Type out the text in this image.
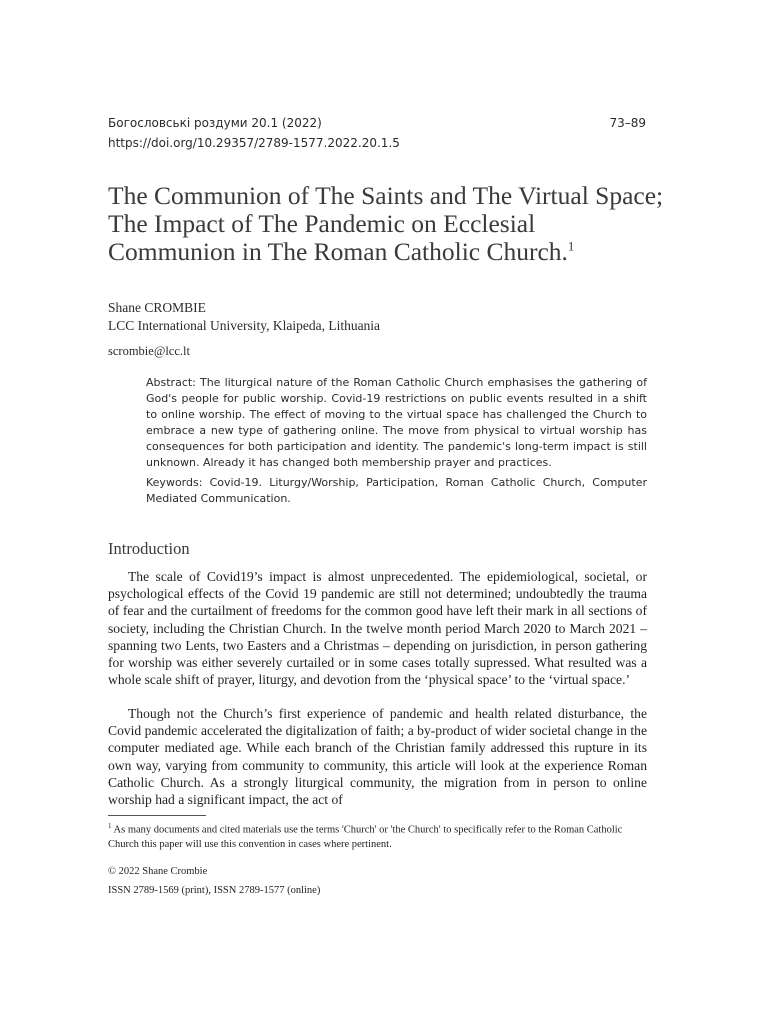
Богословські роздуми 20.1 (2022)	73–89
https://doi.org/10.29357/2789-1577.2022.20.1.5
The Communion of The Saints and The Virtual Space; The Impact of The Pandemic on Ecclesial Communion in The Roman Catholic Church.$^1$
Shane CROMBIE
LCC International University, Klaipeda, Lithuania
scrombie@lcc.lt

Abstract: The liturgical nature of the Roman Catholic Church emphasises the gathering of God's people for public worship. Covid-19 restrictions on public events resulted in a shift to online worship. The effect of moving to the virtual space has challenged the Church to embrace a new type of gathering online. The move from physical to virtual worship has consequences for both participation and identity. The pandemic's long-term impact is still unknown. Already it has changed both membership prayer and practices.

Keywords: Covid-19. Liturgy/Worship, Participation, Roman Catholic Church, Computer Mediated Communication.

Introduction

The scale of Covid19’s impact is almost unprecedented. The epidemiological, societal, or psychological effects of the Covid 19 pandemic are still not determined; undoubtedly the trauma of fear and the curtailment of freedoms for the common good have left their mark in all sections of society, including the Christian Church. In the twelve month period March 2020 to March 2021 – spanning two Lents, two Easters and a Christmas – depending on jurisdiction, in person gathering for worship was either severely curtailed or in some cases totally supressed. What resulted was a whole scale shift of prayer, liturgy, and devotion from the ‘physical space’ to the ‘virtual space.’

Though not the Church’s first experience of pandemic and health related disturbance, the Covid pandemic accelerated the digitalization of faith; a by-product of wider societal change in the computer mediated age. While each branch of the Christian family addressed this rupture in its own way, varying from community to community, this article will look at the experience Roman Catholic Church. As a strongly liturgical community, the migration from in person to online worship had a significant impact, the act of

$^1$ As many documents and cited materials use the terms 'Church' or 'the Church' to specifically refer to the Roman Catholic Church this paper will use this convention in cases where pertinent.

© 2022 Shane Crombie
ISSN 2789-1569 (print), ISSN 2789-1577 (online)
